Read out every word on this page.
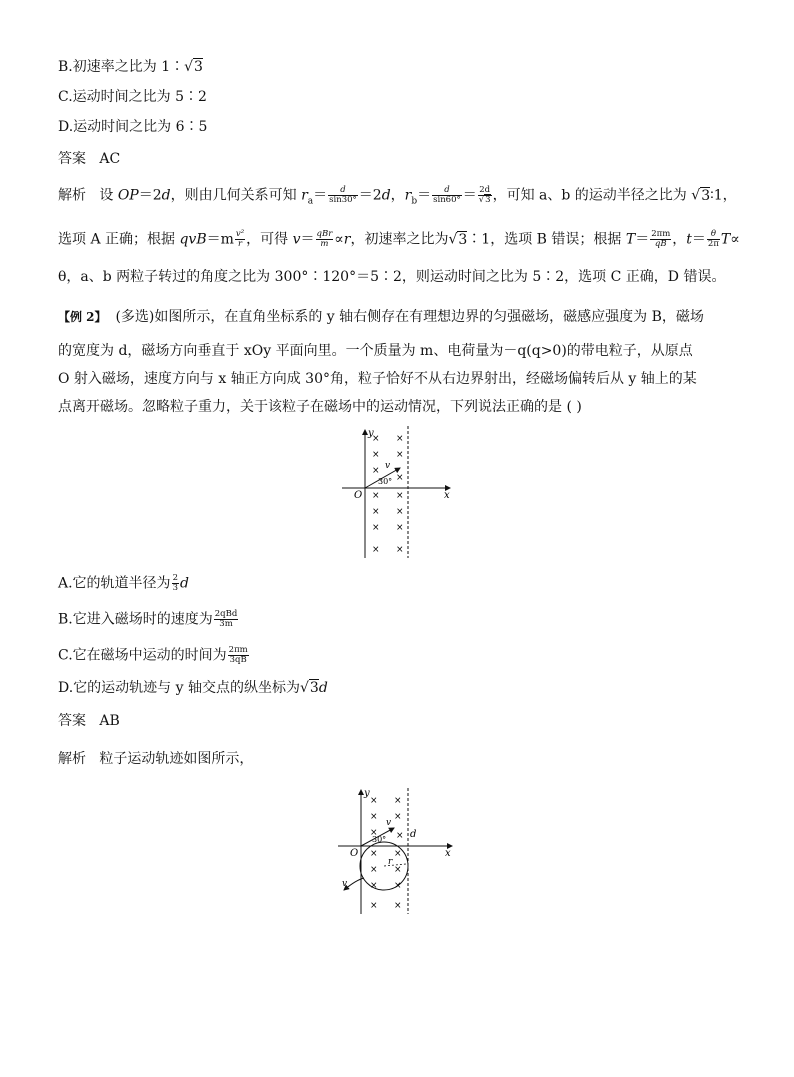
B.初速率之比为 1∶√3
C.运动时间之比为 5∶2
D.运动时间之比为 6∶5
答案 AC
解析 设 OP＝2d，则由几何关系可知 $r_a= \frac{d}{\sin 30^\circ} =2d$，$r_b= \frac{d}{\sin 60^\circ} = \frac{2d}{√3}$ ，可知 a、b 的运动半径之比为 √3∶1，
选项 A 正确；根据 $qvB=m \frac{\text{v²}}{r}$ ，可得 $v= \frac{\text{qBr}}{m} \propto r$，初速率之比为√3∶1，选项 B 错误；根据 $T= \frac{2\pi m}{qB}$ ，$t= \frac{\theta}{2\pi} T\propto$
θ，a、b 两粒子转过的角度之比为 300°∶120°＝5∶2，则运动时间之比为 5∶2，选项 C 正确，D 错误。
【例 2】 (多选)如图所示，在直角坐标系的 y 轴右侧存在有理想边界的匀强磁场，磁感应强度为 B，磁场
的宽度为 d，磁场方向垂直于 xOy 平面向里。一个质量为 m、电荷量为－q(q>0)的带电粒子，从原点
O 射入磁场，速度方向与 x 轴正方向成 30°角，粒子恰好不从右边界射出，经磁场偏转后从 y 轴上的某
点离开磁场。忽略粒子重力，关于该粒子在磁场中的运动情况，下列说法正确的是 ( )
y
x
O
v
30°
× ×
× ×
×
×
× ×
× ×
× ×
× ×
A.它的轨道半径为 $\frac{2}{3}$ d
B.它进入磁场时的速度为 $\frac{\text{2qBd}}{3m}$
C.它在磁场中运动的时间为 $\frac{2\pi m}{3qB}$
D.它的运动轨迹与 y 轴交点的纵坐标为√3d
答案 AB
解析 粒子运动轨迹如图所示，
y
x
O
d
r
v
30°
v
× ×
× ×
× ×
× ×
× ×
× ×
× ×
